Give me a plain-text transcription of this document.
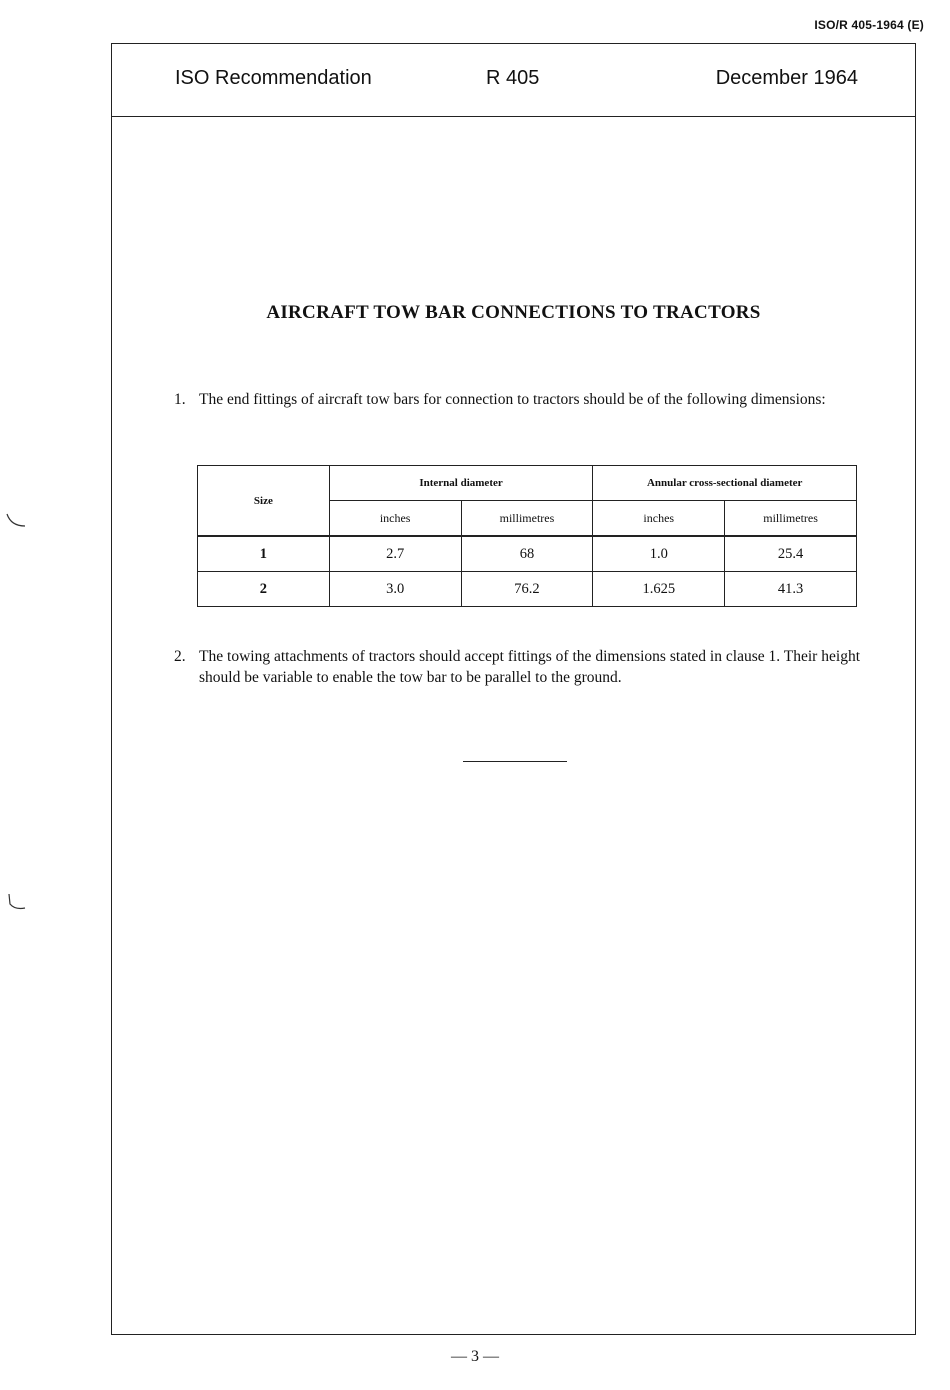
ISO/R 405-1964 (E)
ISO Recommendation	R 405	December 1964
AIRCRAFT TOW BAR CONNECTIONS TO TRACTORS
1. The end fittings of aircraft tow bars for connection to tractors should be of the following dimensions:
Size	Internal diameter		Annular cross-sectional diameter	
	inches	millimetres	inches	millimetres
1	2.7	68	1.0	25.4
2	3.0	76.2	1.625	41.3
2. The towing attachments of tractors should accept fittings of the dimensions stated in clause 1. Their height should be variable to enable the tow bar to be parallel to the ground.
— 3 —
